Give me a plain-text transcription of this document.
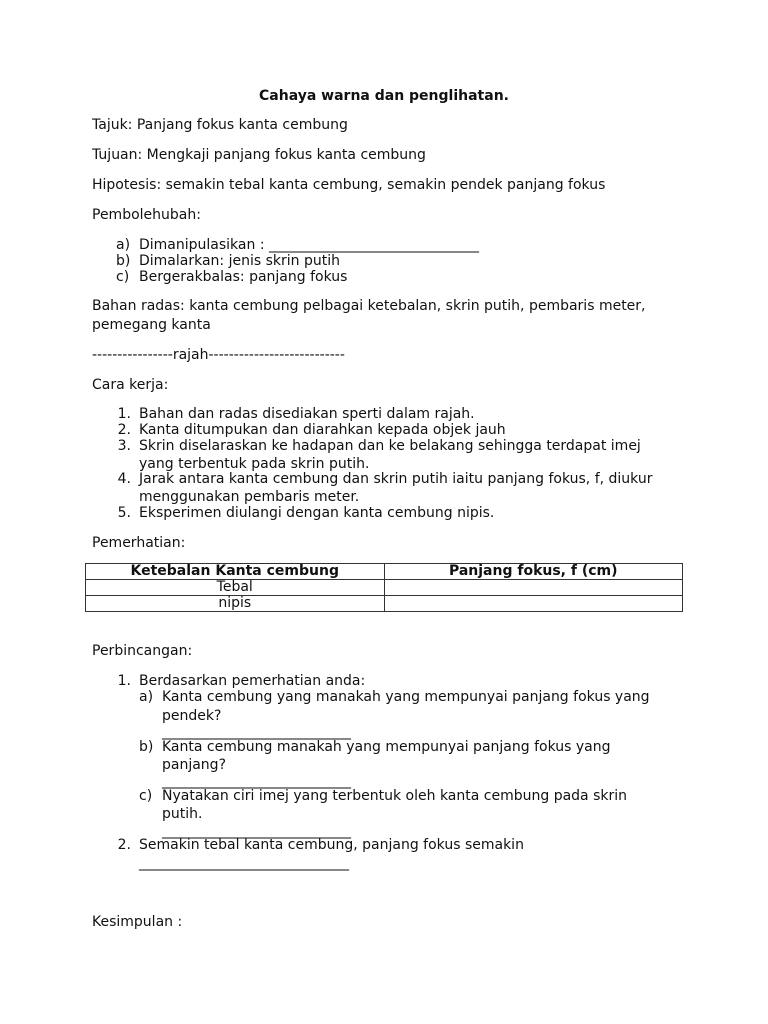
Cahaya warna dan penglihatan.
Tajuk: Panjang fokus kanta cembung
Tujuan: Mengkaji panjang fokus kanta cembung
Hipotesis: semakin tebal kanta cembung, semakin pendek panjang fokus
Pembolehubah:
a) Dimanipulasikan : ______________________________
b) Dimalarkan: jenis skrin putih
c) Bergerakbalas: panjang fokus
Bahan radas: kanta cembung pelbagai ketebalan, skrin putih, pembaris meter,
pemegang kanta
----------------rajah---------------------------
Cara kerja:
1. Bahan dan radas disediakan sperti dalam rajah.
2. Kanta ditumpukan dan diarahkan kepada objek jauh
3. Skrin diselaraskan ke hadapan dan ke belakang sehingga terdapat imej
yang terbentuk pada skrin putih.
4. Jarak antara kanta cembung dan skrin putih iaitu panjang fokus, f, diukur
menggunakan pembaris meter.
5. Eksperimen diulangi dengan kanta cembung nipis.
Pemerhatian:
Ketebalan Kanta cembung	Panjang fokus, f (cm)
Tebal	
nipis	
Perbincangan:
1. Berdasarkan pemerhatian anda:
a) Kanta cembung yang manakah yang mempunyai panjang fokus yang
pendek?
___________________________
b) Kanta cembung manakah yang mempunyai panjang fokus yang
panjang?
___________________________
c) Nyatakan ciri imej yang terbentuk oleh kanta cembung pada skrin
putih.
___________________________
2. Semakin tebal kanta cembung, panjang fokus semakin
______________________________
Kesimpulan :
